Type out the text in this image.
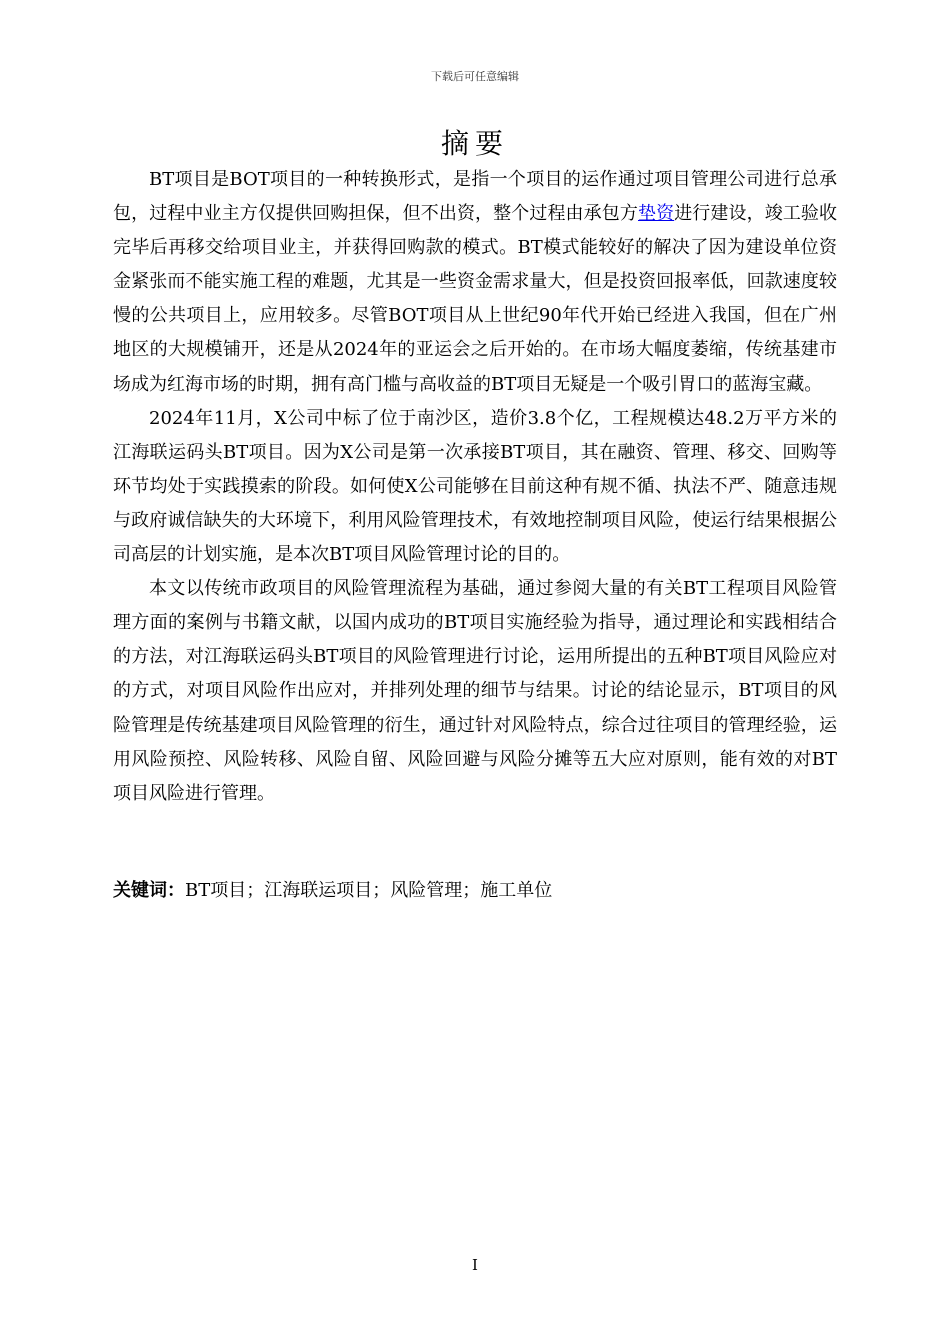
下载后可任意编辑
摘要

BT项目是BOT项目的一种转换形式，是指一个项目的运作通过项目管理公司进行总承包，过程中业主方仅提供回购担保，但不出资，整个过程由承包方垫资进行建设，竣工验收完毕后再移交给项目业主，并获得回购款的模式。BT模式能较好的解决了因为建设单位资金紧张而不能实施工程的难题，尤其是一些资金需求量大，但是投资回报率低，回款速度较慢的公共项目上，应用较多。尽管BOT项目从上世纪90年代开始已经进入我国，但在广州地区的大规模铺开，还是从2024年的亚运会之后开始的。在市场大幅度萎缩，传统基建市场成为红海市场的时期，拥有高门槛与高收益的BT项目无疑是一个吸引胃口的蓝海宝藏。

2024年11月，X公司中标了位于南沙区，造价3.8个亿，工程规模达48.2万平方米的江海联运码头BT项目。因为X公司是第一次承接BT项目，其在融资、管理、移交、回购等环节均处于实践摸索的阶段。如何使X公司能够在目前这种有规不循、执法不严、随意违规与政府诚信缺失的大环境下，利用风险管理技术，有效地控制项目风险，使运行结果根据公司高层的计划实施，是本次BT项目风险管理讨论的目的。

本文以传统市政项目的风险管理流程为基础，通过参阅大量的有关BT工程项目风险管理方面的案例与书籍文献，以国内成功的BT项目实施经验为指导，通过理论和实践相结合的方法，对江海联运码头BT项目的风险管理进行讨论，运用所提出的五种BT项目风险应对的方式，对项目风险作出应对，并排列处理的细节与结果。讨论的结论显示，BT项目的风险管理是传统基建项目风险管理的衍生，通过针对风险特点，综合过往项目的管理经验，运用风险预控、风险转移、风险自留、风险回避与风险分摊等五大应对原则，能有效的对BT项目风险进行管理。

关键词：BT项目；江海联运项目；风险管理；施工单位
I
